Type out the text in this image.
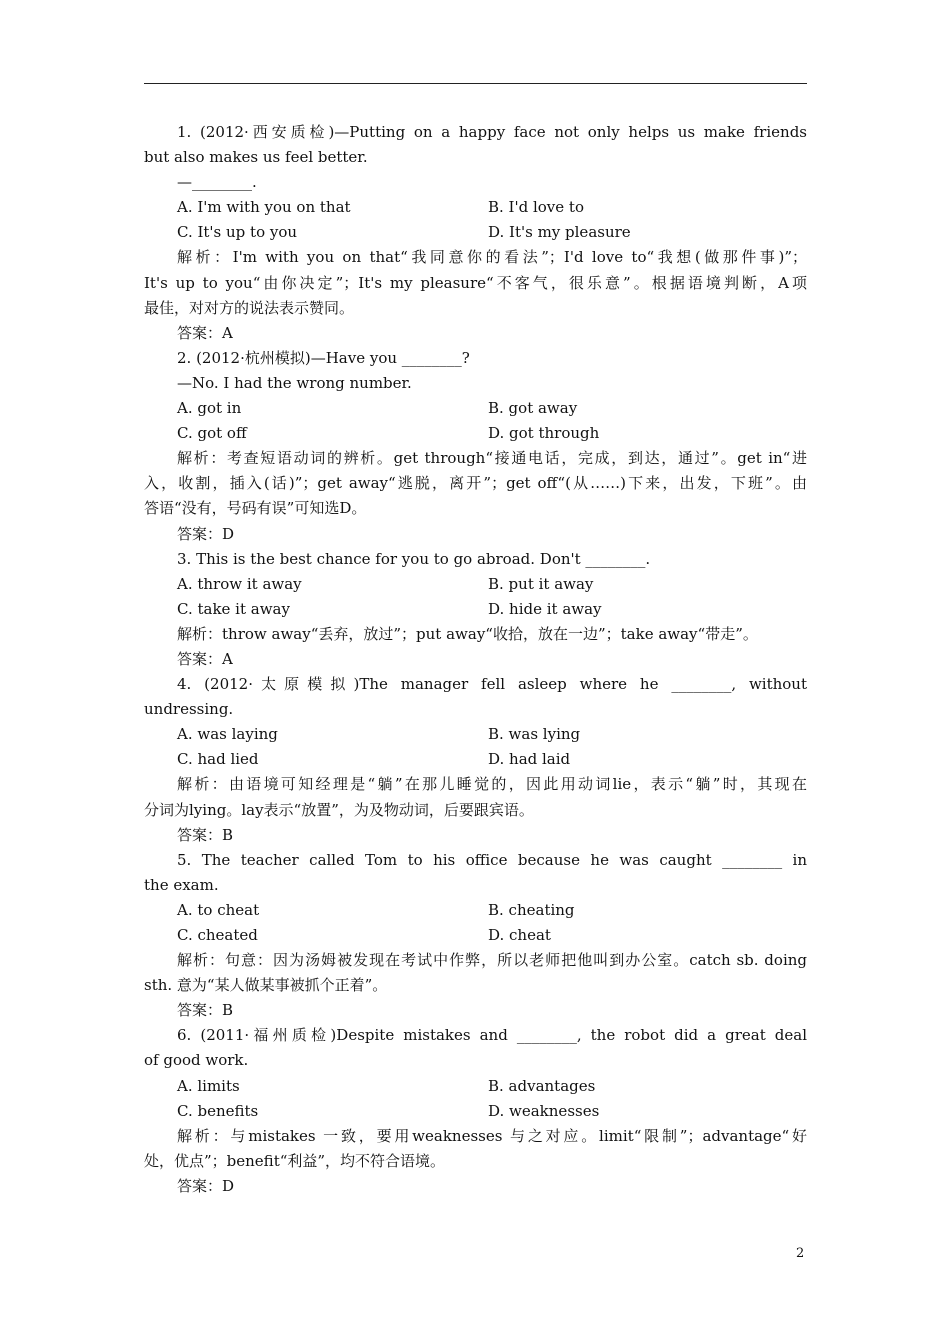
1. (2012·西安质检)—Putting on a happy face not only helps us make friends
but also makes us feel better.
—________.
A. I'm with you on that	B. I'd love to
C. It's up to you	D. It's my pleasure
解析：I'm with you on that“我同意你的看法”；I'd love to“我想(做那件事)”；
It's up to you“由你决定”；It's my pleasure“不客气，很乐意”。根据语境判断，A项
最佳，对对方的说法表示赞同。
答案：A
2. (2012·杭州模拟)—Have you ________?
—No. I had the wrong number.
A. got in	B. got away
C. got off	D. got through
解析：考查短语动词的辨析。get through“接通电话，完成，到达，通过”。get in“进
入，收割，插入(话)”；get away“逃脱，离开”；get off“(从……)下来，出发，下班”。由
答语“没有，号码有误”可知选D。
答案：D
3. This is the best chance for you to go abroad. Don't ________.
A. throw it away	B. put it away
C. take it away	D. hide it away
解析：throw away“丢弃，放过”；put away“收拾，放在一边”；take away“带走”。
答案：A
4. (2012·太原模拟)The manager fell asleep where he ________, without
undressing.
A. was laying	B. was lying
C. had lied	D. had laid
解析：由语境可知经理是“躺”在那儿睡觉的，因此用动词lie，表示“躺”时，其现在
分词为lying。lay表示“放置”，为及物动词，后要跟宾语。
答案：B
5. The teacher called Tom to his office because he was caught ________ in
the exam.
A. to cheat	B. cheating
C. cheated	D. cheat
解析：句意：因为汤姆被发现在考试中作弊，所以老师把他叫到办公室。catch sb. doing
sth. 意为“某人做某事被抓个正着”。
答案：B
6. (2011·福州质检)Despite mistakes and ________, the robot did a great deal
of good work.
A. limits	B. advantages
C. benefits	D. weaknesses
解析：与mistakes 一致，要用weaknesses 与之对应。limit“限制”；advantage“好
处，优点”；benefit“利益”，均不符合语境。
答案：D
2
